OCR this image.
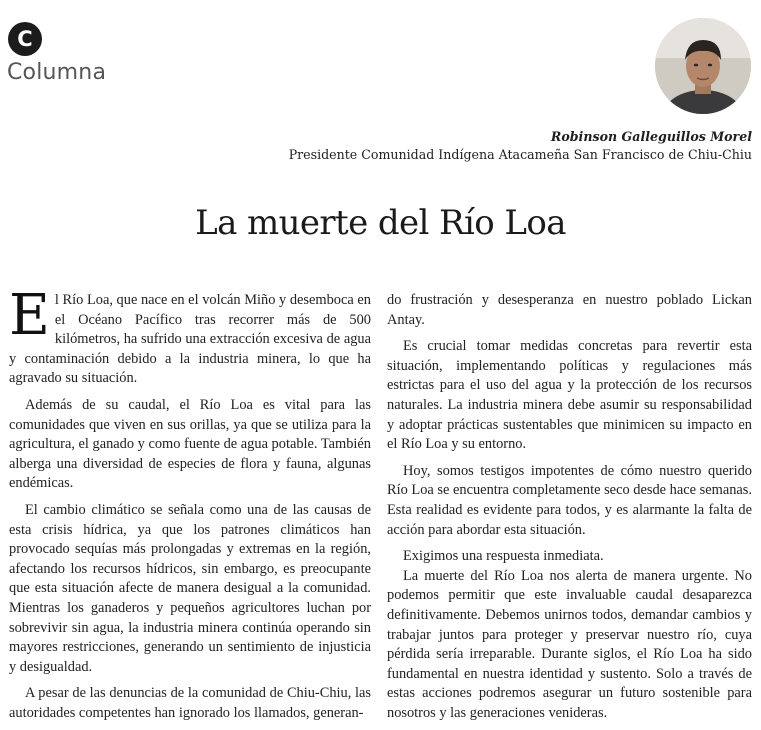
C
Columna
Robinson Galleguillos Morel
Presidente Comunidad Indígena Atacameña San Francisco de Chiu-Chiu
La muerte del Río Loa

El Río Loa, que nace en el volcán Miño y desemboca en el Océano Pacífico tras recorrer más de 500 kilómetros, ha sufrido una extracción excesiva de agua y contaminación debido a la industria minera, lo que ha agravado su situación.

Además de su caudal, el Río Loa es vital para las comunidades que viven en sus orillas, ya que se utiliza para la agricultura, el ganado y como fuente de agua potable. También alberga una diversidad de especies de flora y fauna, algunas endémicas.

El cambio climático se señala como una de las causas de esta crisis hídrica, ya que los patrones climáticos han provocado sequías más prolongadas y extremas en la región, afectando los recursos hídricos, sin embargo, es preocupante que esta situación afecte de manera desigual a la comunidad. Mientras los ganaderos y pequeños agricultores luchan por sobrevivir sin agua, la industria minera continúa operando sin mayores restricciones, generando un sentimiento de injusticia y desigualdad.

A pesar de las denuncias de la comunidad de Chiu-Chiu, las autoridades competentes han ignorado los llamados, generan-

do frustración y desesperanza en nuestro poblado Lickan Antay.

Es crucial tomar medidas concretas para revertir esta situación, implementando políticas y regulaciones más estrictas para el uso del agua y la protección de los recursos naturales. La industria minera debe asumir su responsabilidad y adoptar prácticas sustentables que minimicen su impacto en el Río Loa y su entorno.

Hoy, somos testigos impotentes de cómo nuestro querido Río Loa se encuentra completamente seco desde hace semanas. Esta realidad es evidente para todos, y es alarmante la falta de acción para abordar esta situación.

Exigimos una respuesta inmediata.

La muerte del Río Loa nos alerta de manera urgente. No podemos permitir que este invaluable caudal desaparezca definitivamente. Debemos unirnos todos, demandar cambios y trabajar juntos para proteger y preservar nuestro río, cuya pérdida sería irreparable. Durante siglos, el Río Loa ha sido fundamental en nuestra identidad y sustento. Solo a través de estas acciones podremos asegurar un futuro sostenible para nosotros y las generaciones venideras.
